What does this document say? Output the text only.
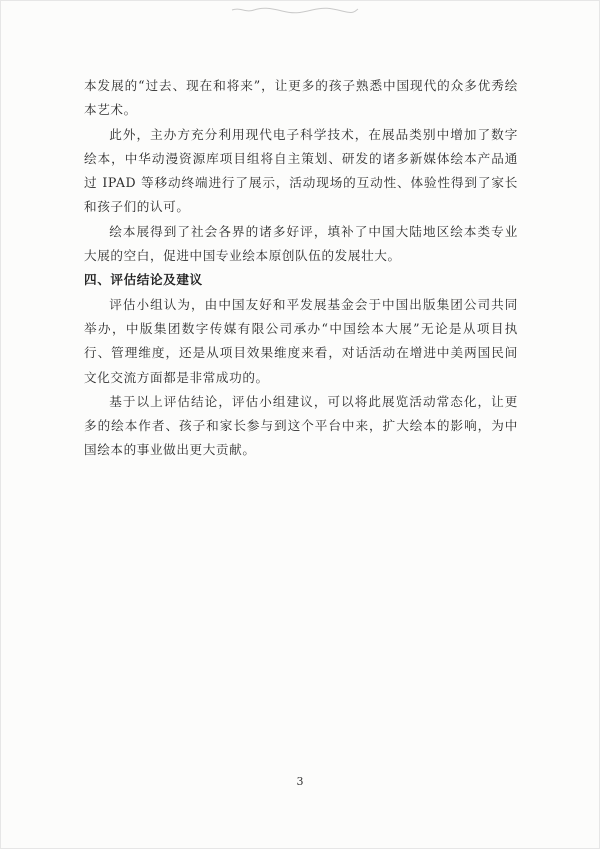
本发展的“过去、现在和将来”，让更多的孩子熟悉中国现代的众多优秀绘本艺术。

此外，主办方充分利用现代电子科学技术，在展品类别中增加了数字绘本，中华动漫资源库项目组将自主策划、研发的诸多新媒体绘本产品通过 IPAD 等移动终端进行了展示，活动现场的互动性、体验性得到了家长和孩子们的认可。

绘本展得到了社会各界的诸多好评，填补了中国大陆地区绘本类专业大展的空白，促进中国专业绘本原创队伍的发展壮大。

四、评估结论及建议

评估小组认为，由中国友好和平发展基金会于中国出版集团公司共同举办，中版集团数字传媒有限公司承办“中国绘本大展”无论是从项目执行、管理维度，还是从项目效果维度来看，对话活动在增进中美两国民间文化交流方面都是非常成功的。

基于以上评估结论，评估小组建议，可以将此展览活动常态化，让更多的绘本作者、孩子和家长参与到这个平台中来，扩大绘本的影响，为中国绘本的事业做出更大贡献。

3
